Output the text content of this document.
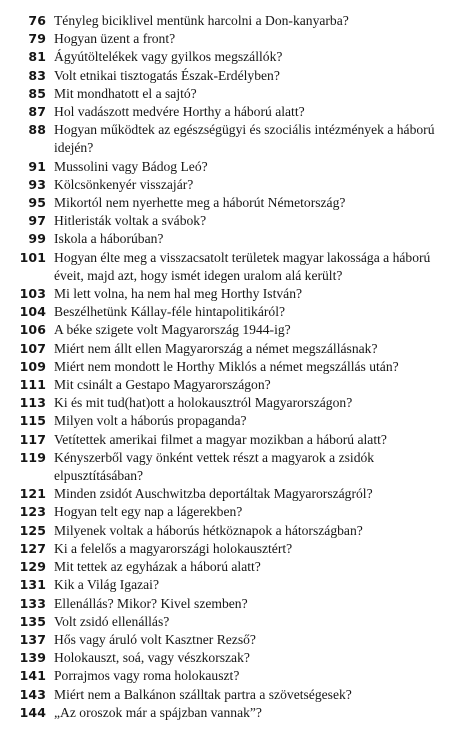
76 Tényleg biciklivel mentünk harcolni a Don-kanyarba?
79 Hogyan üzent a front?
81 Ágyútöltelékek vagy gyilkos megszállók?
83 Volt etnikai tisztogatás Észak-Erdélyben?
85 Mit mondhatott el a sajtó?
87 Hol vadászott medvére Horthy a háború alatt?
88 Hogyan működtek az egészségügyi és szociális intézmények a háború idején?
91 Mussolini vagy Bádog Leó?
93 Kölcsönkenyér visszajár?
95 Mikortól nem nyerhette meg a háborút Németország?
97 Hitleristák voltak a svábok?
99 Iskola a háborúban?
101 Hogyan élte meg a visszacsatolt területek magyar lakossága a háború éveit, majd azt, hogy ismét idegen uralom alá került?
103 Mi lett volna, ha nem hal meg Horthy István?
104 Beszélhetünk Kállay-féle hintapolitikáról?
106 A béke szigete volt Magyarország 1944-ig?
107 Miért nem állt ellen Magyarország a német megszállásnak?
109 Miért nem mondott le Horthy Miklós a német megszállás után?
111 Mit csinált a Gestapo Magyarországon?
113 Ki és mit tud(hat)ott a holokausztról Magyarországon?
115 Milyen volt a háborús propaganda?
117 Vetítettek amerikai filmet a magyar mozikban a háború alatt?
119 Kényszerből vagy önként vettek részt a magyarok a zsidók elpusztításában?
121 Minden zsidót Auschwitzba deportáltak Magyarországról?
123 Hogyan telt egy nap a lágerekben?
125 Milyenek voltak a háborús hétköznapok a hátországban?
127 Ki a felelős a magyarországi holokausztért?
129 Mit tettek az egyházak a háború alatt?
131 Kik a Világ Igazai?
133 Ellenállás? Mikor? Kivel szemben?
135 Volt zsidó ellenállás?
137 Hős vagy áruló volt Kasztner Rezső?
139 Holokauszt, soá, vagy vészkorszak?
141 Porrajmos vagy roma holokauszt?
143 Miért nem a Balkánon szálltak partra a szövetségesek?
144 „Az oroszok már a spájzban vannak”?
